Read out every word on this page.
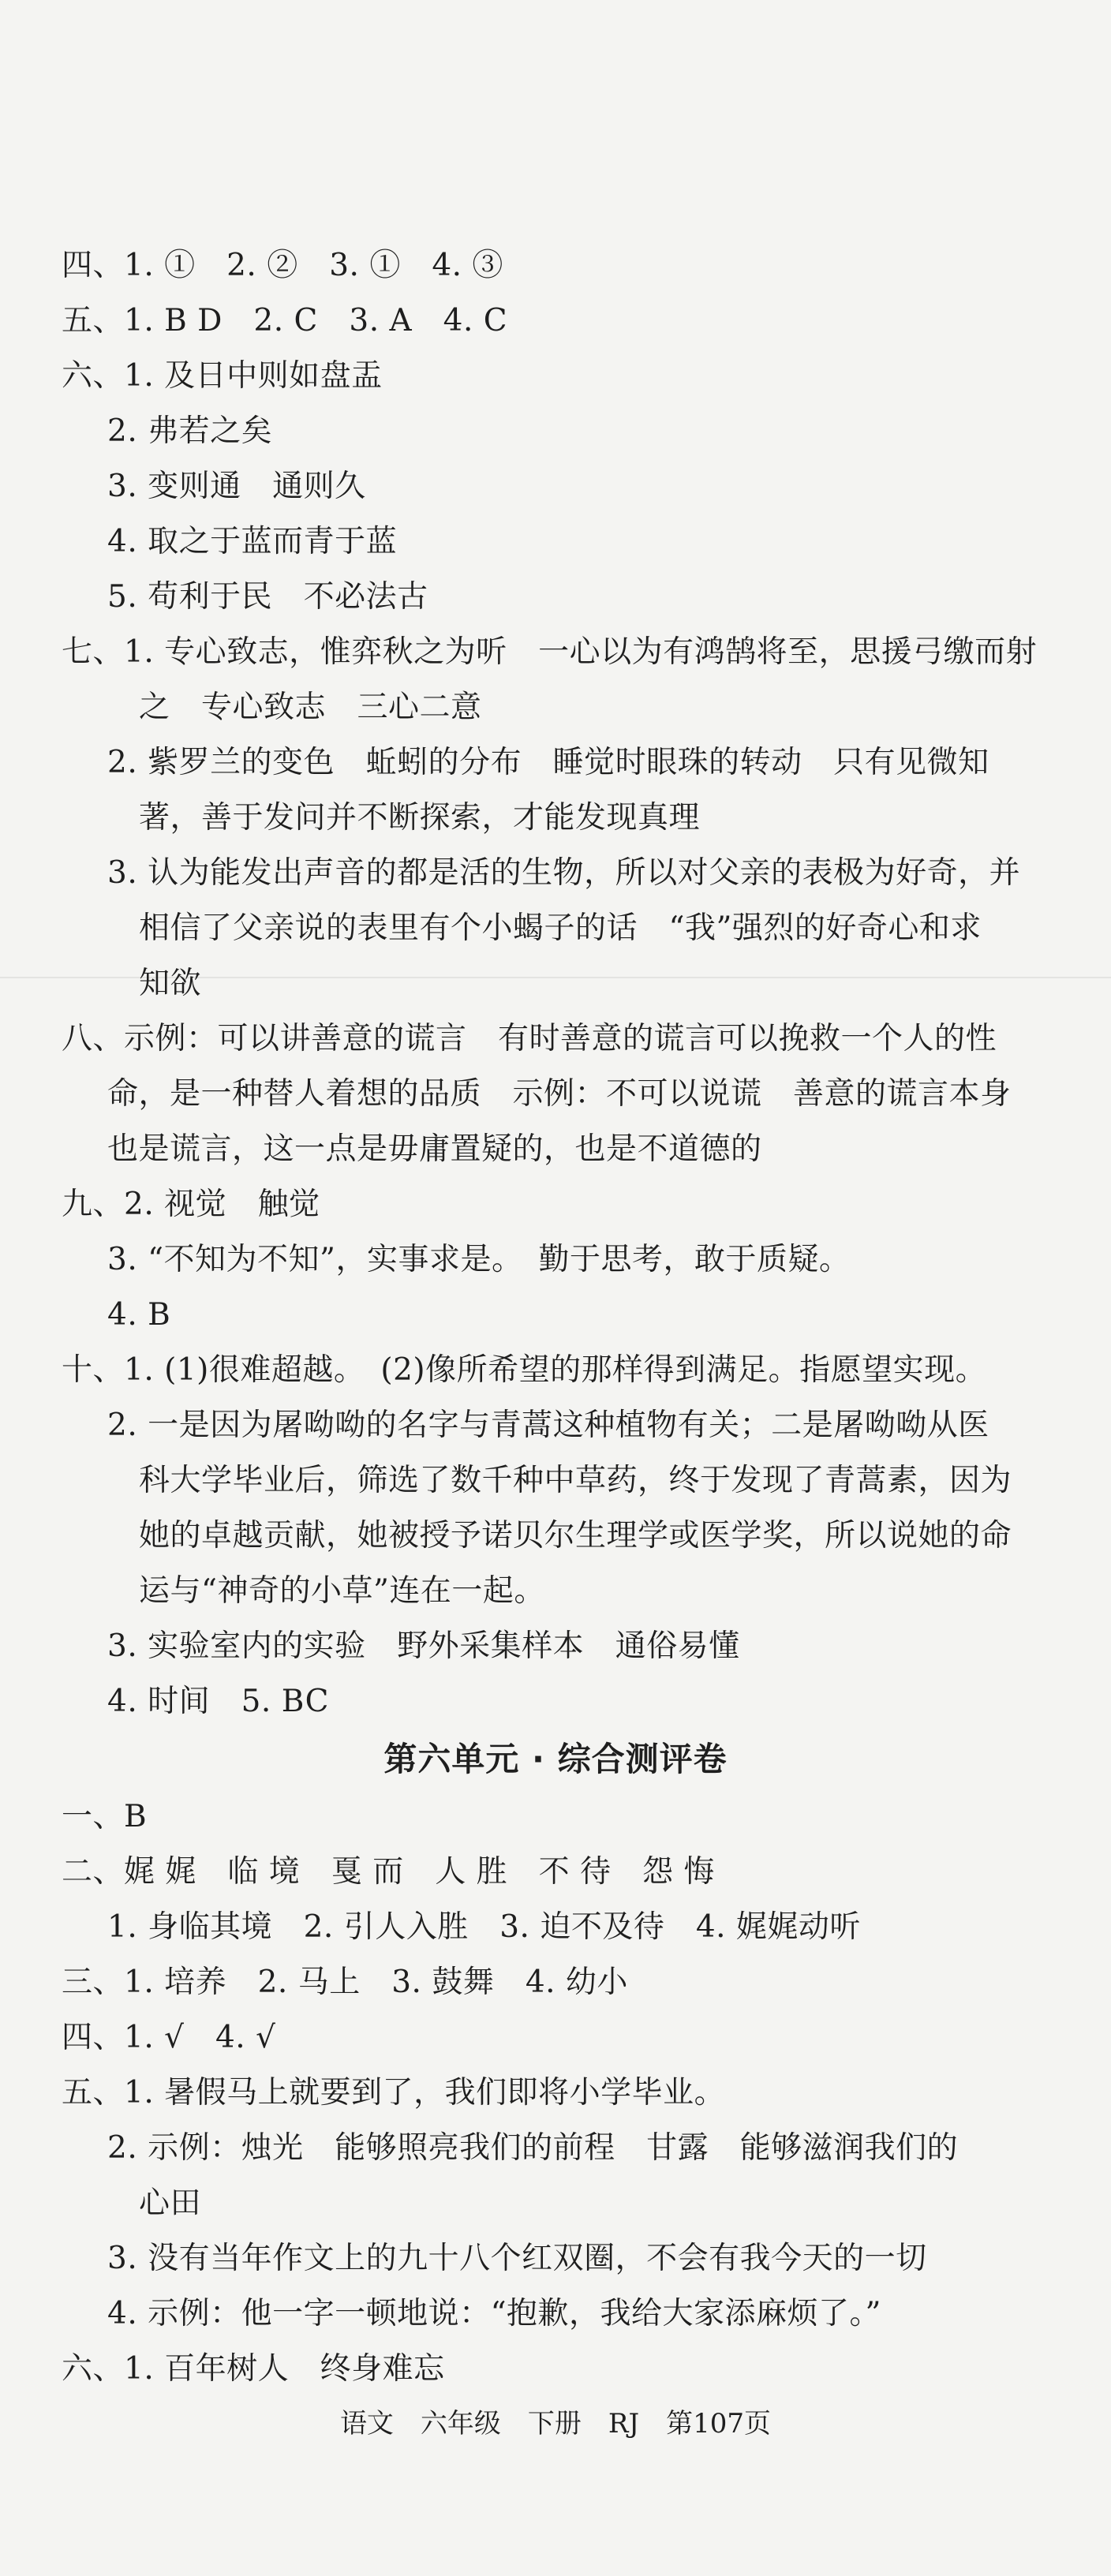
四、1. ①　2. ②　3. ①　4. ③
五、1. B D　2. C　3. A　4. C
六、1. 及日中则如盘盂
2. 弗若之矣
3. 变则通　通则久
4. 取之于蓝而青于蓝
5. 苟利于民　不必法古
七、1. 专心致志，惟弈秋之为听　一心以为有鸿鹄将至，思援弓缴而射
之　专心致志　三心二意
2. 紫罗兰的变色　蚯蚓的分布　睡觉时眼珠的转动　只有见微知
著，善于发问并不断探索，才能发现真理
3. 认为能发出声音的都是活的生物，所以对父亲的表极为好奇，并
相信了父亲说的表里有个小蝎子的话　“我”强烈的好奇心和求
知欲
八、示例：可以讲善意的谎言　有时善意的谎言可以挽救一个人的性
命，是一种替人着想的品质　示例：不可以说谎　善意的谎言本身
也是谎言，这一点是毋庸置疑的，也是不道德的
九、2. 视觉　触觉
3. “不知为不知”，实事求是。　勤于思考，敢于质疑。
4. B
十、1. (1)很难超越。　(2)像所希望的那样得到满足。指愿望实现。
2. 一是因为屠呦呦的名字与青蒿这种植物有关；二是屠呦呦从医
科大学毕业后，筛选了数千种中草药，终于发现了青蒿素，因为
她的卓越贡献，她被授予诺贝尔生理学或医学奖，所以说她的命
运与“神奇的小草”连在一起。
3. 实验室内的实验　野外采集样本　通俗易懂
4. 时间　5. BC
第六单元 · 综合测评卷
一、B
二、娓 娓　临 境　戛 而　人 胜　不 待　怨 悔
1. 身临其境　2. 引人入胜　3. 迫不及待　4. 娓娓动听
三、1. 培养　2. 马上　3. 鼓舞　4. 幼小
四、1. √　4. √
五、1. 暑假马上就要到了，我们即将小学毕业。
2. 示例：烛光　能够照亮我们的前程　甘露　能够滋润我们的
心田
3. 没有当年作文上的九十八个红双圈，不会有我今天的一切
4. 示例：他一字一顿地说：“抱歉，我给大家添麻烦了。”
六、1. 百年树人　终身难忘
语文　六年级　下册　RJ　第107页
